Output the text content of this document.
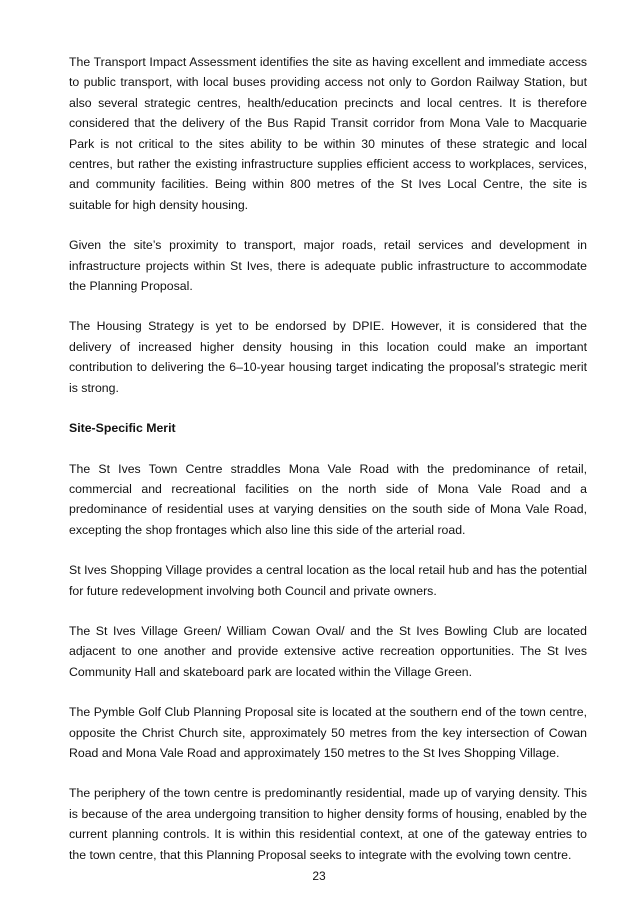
The Transport Impact Assessment identifies the site as having excellent and immediate access to public transport, with local buses providing access not only to Gordon Railway Station, but also several strategic centres, health/education precincts and local centres. It is therefore considered that the delivery of the Bus Rapid Transit corridor from Mona Vale to Macquarie Park is not critical to the sites ability to be within 30 minutes of these strategic and local centres, but rather the existing infrastructure supplies efficient access to workplaces, services, and community facilities. Being within 800 metres of the St Ives Local Centre, the site is suitable for high density housing.

Given the site’s proximity to transport, major roads, retail services and development in infrastructure projects within St Ives, there is adequate public infrastructure to accommodate the Planning Proposal.

The Housing Strategy is yet to be endorsed by DPIE. However, it is considered that the delivery of increased higher density housing in this location could make an important contribution to delivering the 6–10-year housing target indicating the proposal’s strategic merit is strong.

Site-Specific Merit

The St Ives Town Centre straddles Mona Vale Road with the predominance of retail, commercial and recreational facilities on the north side of Mona Vale Road and a predominance of residential uses at varying densities on the south side of Mona Vale Road, excepting the shop frontages which also line this side of the arterial road.

St Ives Shopping Village provides a central location as the local retail hub and has the potential for future redevelopment involving both Council and private owners.

The St Ives Village Green/ William Cowan Oval/ and the St Ives Bowling Club are located adjacent to one another and provide extensive active recreation opportunities. The St Ives Community Hall and skateboard park are located within the Village Green.

The Pymble Golf Club Planning Proposal site is located at the southern end of the town centre, opposite the Christ Church site, approximately 50 metres from the key intersection of Cowan Road and Mona Vale Road and approximately 150 metres to the St Ives Shopping Village.

The periphery of the town centre is predominantly residential, made up of varying density. This is because of the area undergoing transition to higher density forms of housing, enabled by the current planning controls. It is within this residential context, at one of the gateway entries to the town centre, that this Planning Proposal seeks to integrate with the evolving town centre.

23
